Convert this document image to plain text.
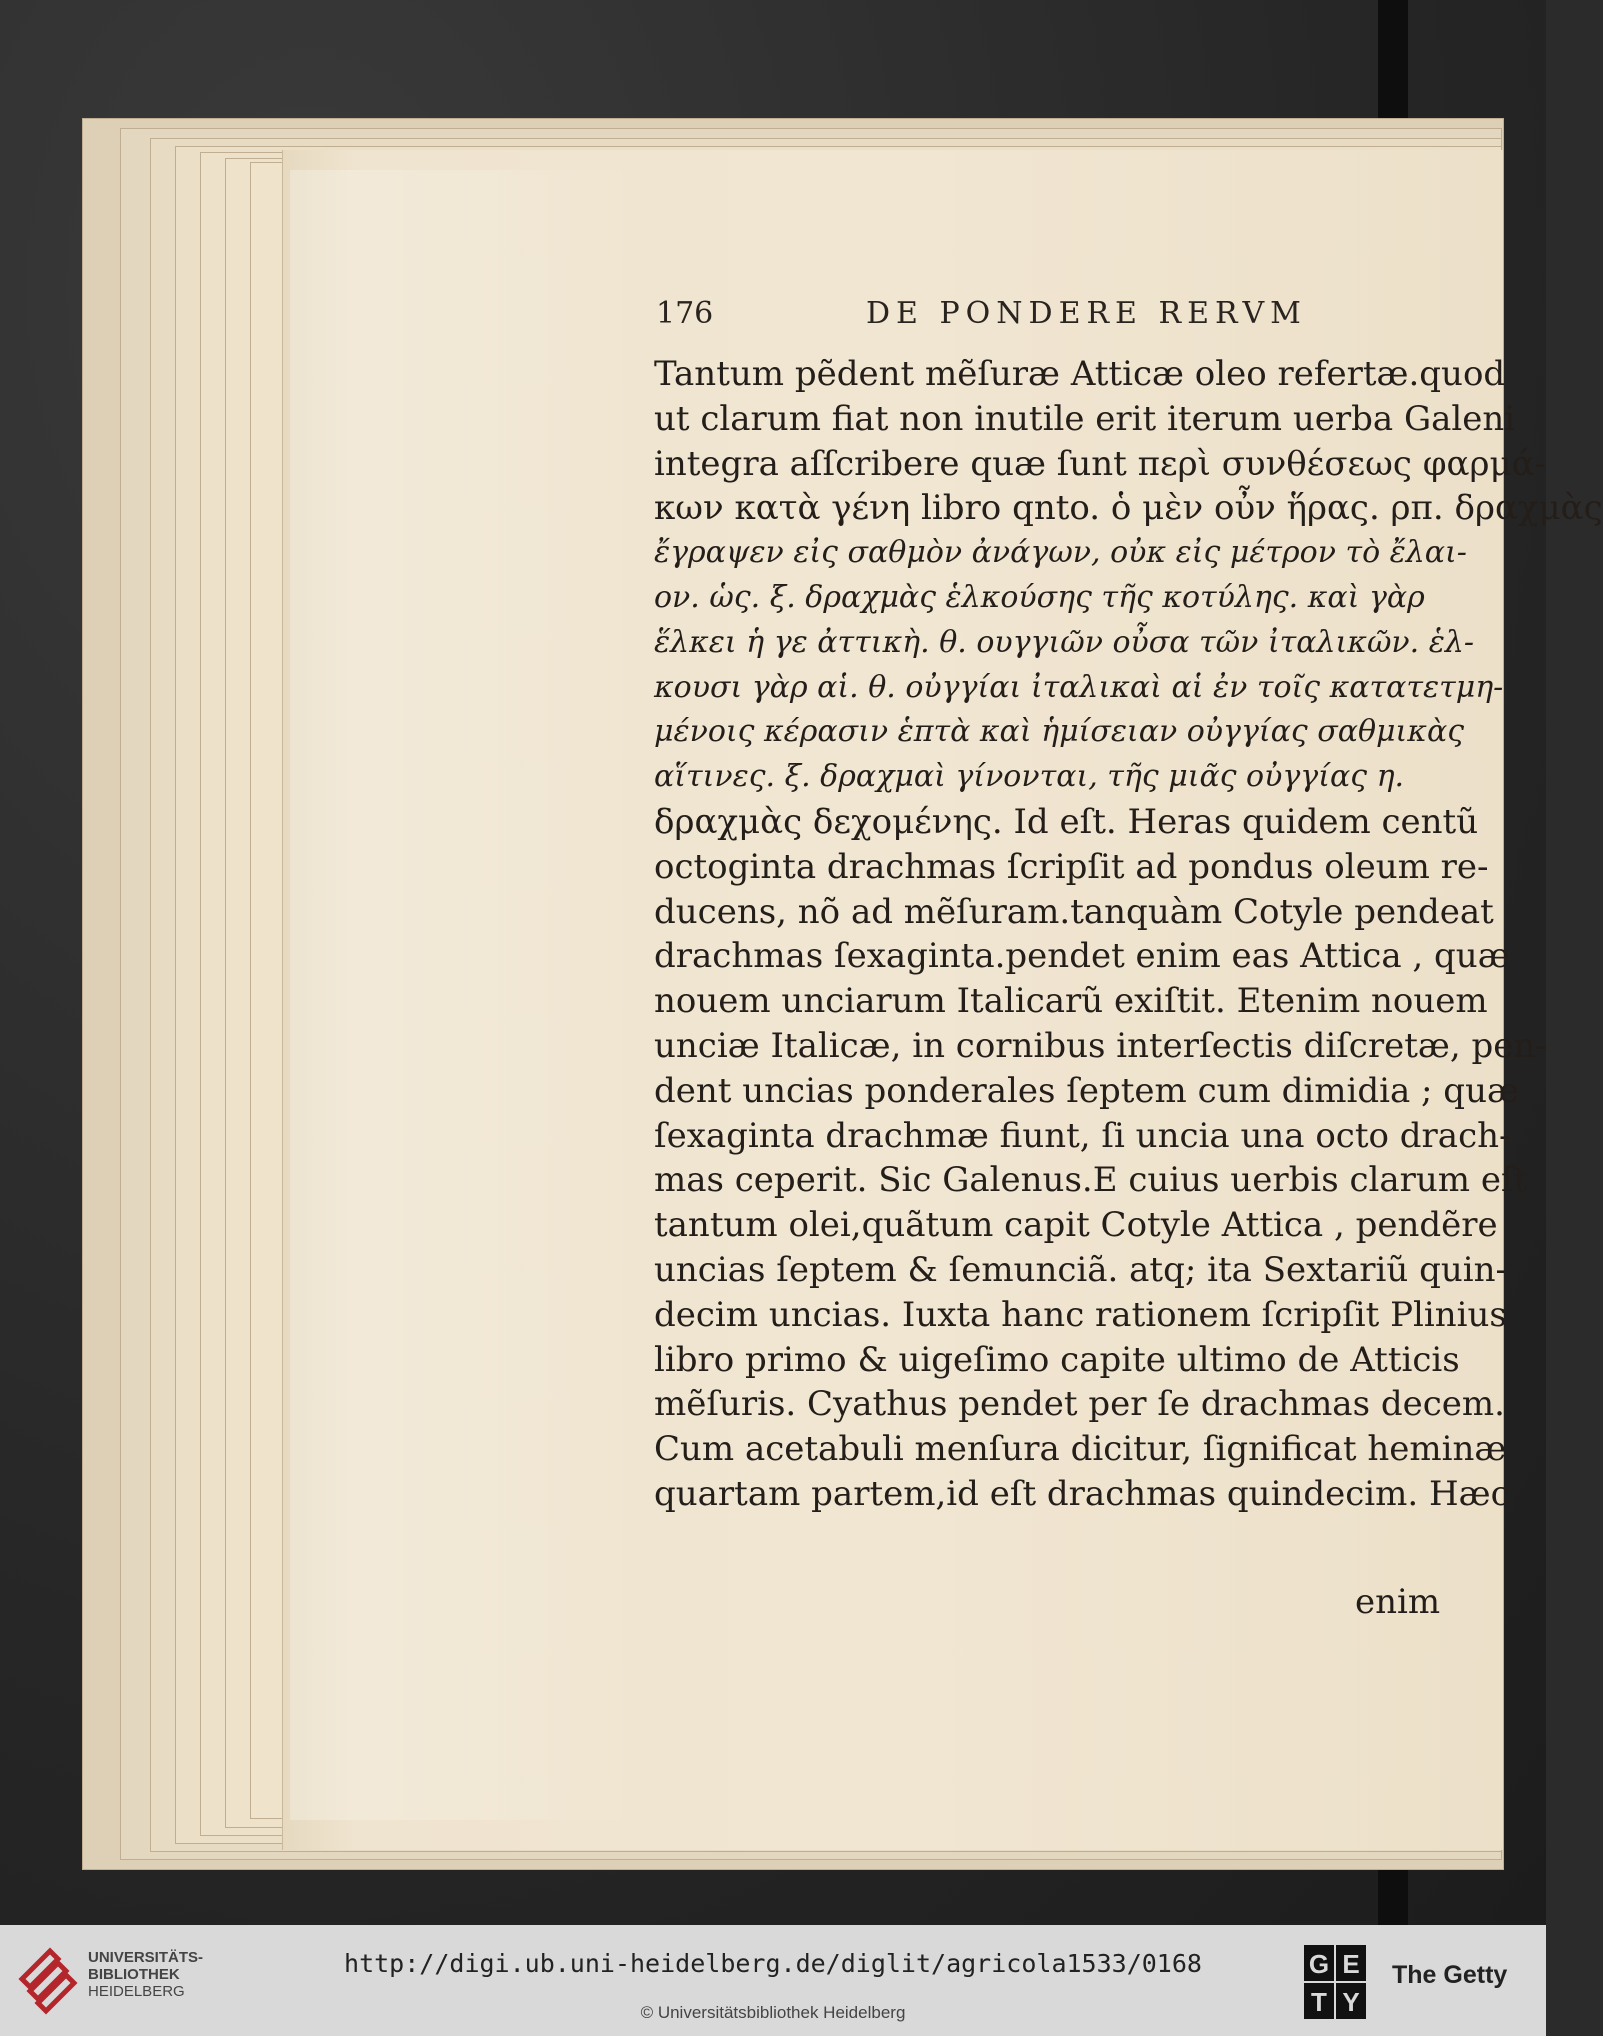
176	DE PONDERE RERVM
Tantum pẽdent mẽſuræ Atticæ oleo refertæ.quod
ut clarum fiat non inutile erit iterum uerba Galeni
integra aſſcribere quæ ſunt περὶ συνθέσεως φαρμά-
κων κατὰ γένη libro qnto. ὁ μὲν οὖν ἥρας. ρπ. δραχμὰς
ἔγραψεν εἰς σαθμὸν ἀνάγων, οὐκ εἰς μέτρον τὸ ἔλαι-
ον. ὡς. ξ. δραχμὰς ἑλκούσης τῆς κοτύλης. καὶ γὰρ
ἕλκει ἡ γε ἀττικὴ. θ. ουγγιῶν οὖσα τῶν ἰταλικῶν. ἑλ-
κουσι γὰρ αἱ. θ. οὐγγίαι ἰταλικαὶ αἱ ἐν τοῖς κατατετμη-
μένοις κέρασιν ἑπτὰ καὶ ἡμίσειαν οὐγγίας σαθμικὰς
αἵτινες. ξ. δραχμαὶ γίνονται, τῆς μιᾶς οὐγγίας η.
δραχμὰς δεχομένης. Id eſt. Heras quidem centũ
octoginta drachmas ſcripſit ad pondus oleum re-
ducens, nõ ad mẽſuram.tanquàm Cotyle pendeat
drachmas ſexaginta.pendet enim eas Attica , quæ
nouem unciarum Italicarũ exiſtit. Etenim nouem
unciæ Italicæ, in cornibus interſectis diſcretæ, pen-
dent uncias ponderales ſeptem cum dimidia ; quæ
ſexaginta drachmæ fiunt, ſi uncia una octo drach-
mas ceperit. Sic Galenus.E cuius uerbis clarum eſt
tantum olei,quãtum capit Cotyle Attica , pendẽre
uncias ſeptem & ſemunciã. atq; ita Sextariũ quin-
decim uncias. Iuxta hanc rationem ſcripſit Plinius
libro primo & uigeſimo capite ultimo de Atticis
mẽſuris. Cyathus pendet per ſe drachmas decem.
Cum acetabuli menſura dicitur, ſignificat heminæ
quartam partem,id eſt drachmas quindecim. Hæc
enim
UNIVERSITÄTS-
BIBLIOTHEK
HEIDELBERG
http://digi.ub.uni-heidelberg.de/diglit/agricola1533/0168
© Universitätsbibliothek Heidelberg
G E
T Y
The Getty
